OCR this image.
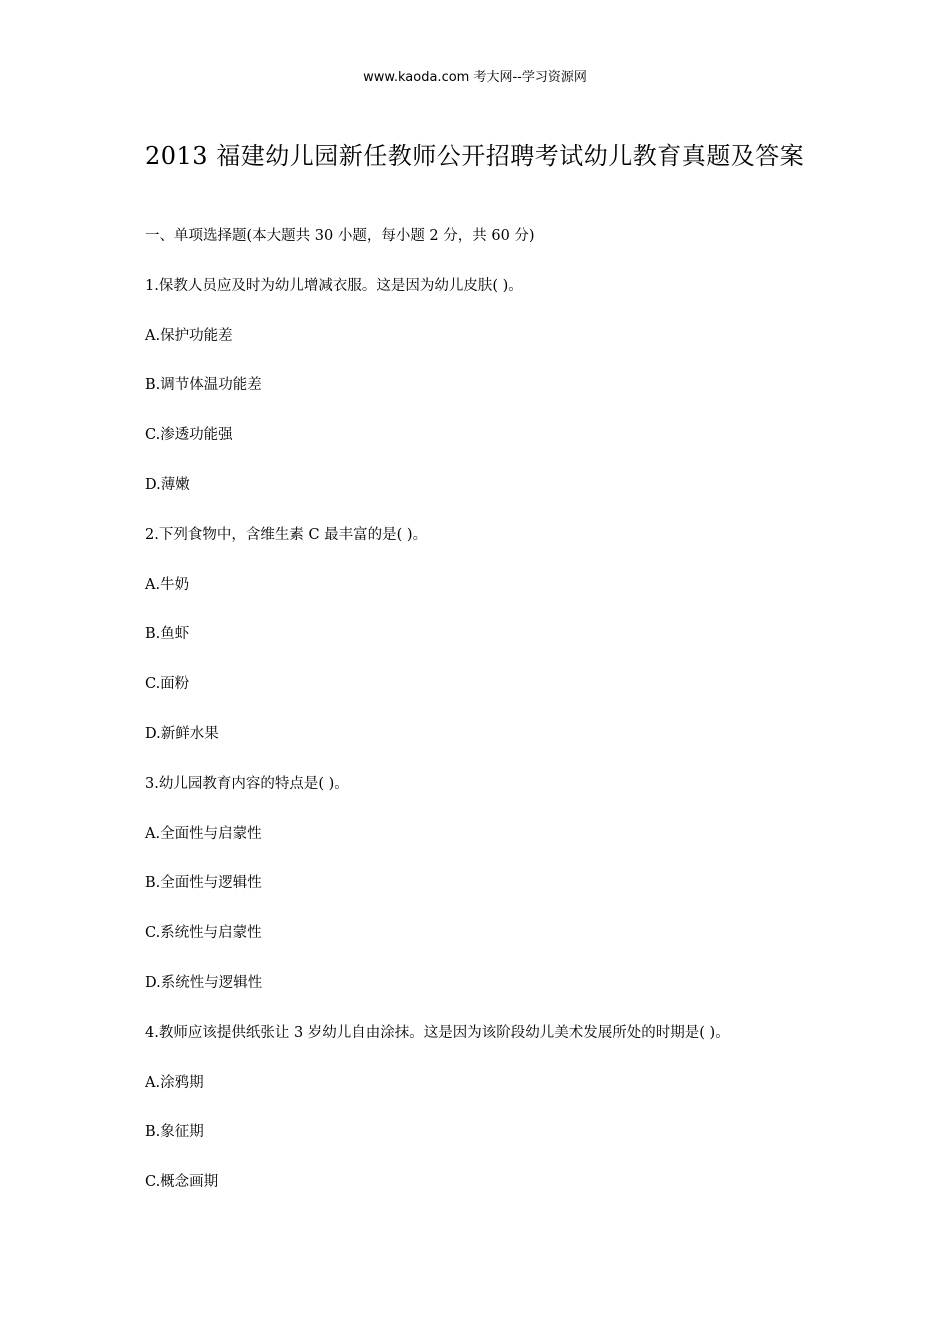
www.kaoda.com 考大网--学习资源网
2013 福建幼儿园新任教师公开招聘考试幼儿教育真题及答案
一、单项选择题(本大题共 30 小题，每小题 2 分，共 60 分)
1.保教人员应及时为幼儿增减衣服。这是因为幼儿皮肤( )。
A.保护功能差
B.调节体温功能差
C.渗透功能强
D.薄嫩
2.下列食物中，含维生素 C 最丰富的是( )。
A.牛奶
B.鱼虾
C.面粉
D.新鲜水果
3.幼儿园教育内容的特点是( )。
A.全面性与启蒙性
B.全面性与逻辑性
C.系统性与启蒙性
D.系统性与逻辑性
4.教师应该提供纸张让 3 岁幼儿自由涂抹。这是因为该阶段幼儿美术发展所处的时期是( )。
A.涂鸦期
B.象征期
C.概念画期
